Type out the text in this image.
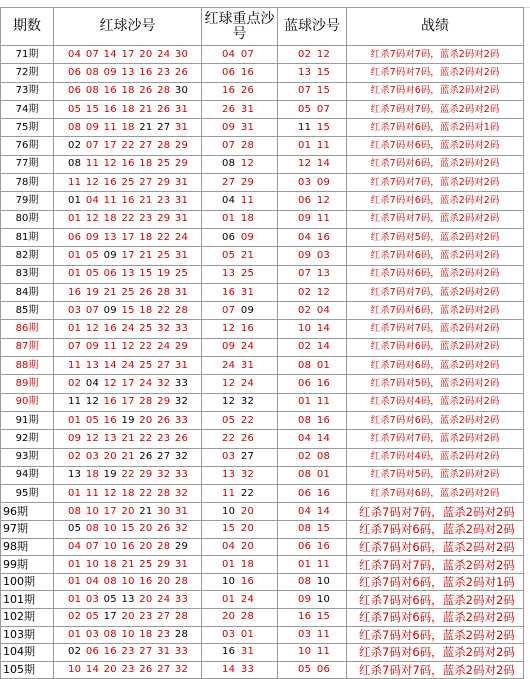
期数	红球沙号	红球重点沙号	蓝球沙号	战绩
71期	04 07 14 17 20 24 30	04 07	02 12	红杀7码对7码，蓝杀2码对2码
72期	06 08 09 13 16 23 26	06 16	13 15	红杀7码对7码，蓝杀2码对2码
73期	06 08 16 18 26 28 30	16 26	07 15	红杀7码对6码，蓝杀2码对2码
74期	05 15 16 18 21 26 31	26 31	05 07	红杀7码对7码，蓝杀2码对2码
75期	08 09 11 18 21 27 31	09 31	11 15	红杀7码对6码，蓝杀2码对1码
76期	02 07 17 22 27 28 29	07 28	01 11	红杀7码对6码，蓝杀2码对2码
77期	08 11 12 16 18 25 29	08 12	12 14	红杀7码对6码，蓝杀2码对2码
78期	11 12 16 25 27 29 31	27 29	03 09	红杀7码对7码，蓝杀2码对2码
79期	01 04 11 16 21 23 31	04 11	06 12	红杀7码对6码，蓝杀2码对2码
80期	01 12 18 22 23 29 31	01 18	09 11	红杀7码对7码，蓝杀2码对2码
81期	06 09 13 17 18 22 24	06 09	04 16	红杀7码对5码，蓝杀2码对2码
82期	01 05 09 17 21 25 31	05 21	09 03	红杀7码对6码，蓝杀2码对2码
83期	01 05 06 13 15 19 25	13 25	07 13	红杀7码对6码，蓝杀2码对2码
84期	16 19 21 25 26 28 31	16 31	02 12	红杀7码对7码，蓝杀2码对2码
85期	03 07 09 15 18 22 28	07 09	02 04	红杀7码对6码，蓝杀2码对2码
86期	01 12 16 24 25 32 33	12 16	10 14	红杀7码对7码，蓝杀2码对2码
87期	07 09 11 12 22 24 29	09 24	02 14	红杀7码对6码，蓝杀2码对2码
88期	11 13 14 24 25 27 31	24 31	08 01	红杀7码对6码，蓝杀2码对2码
89期	02 04 12 17 24 32 33	12 24	06 16	红杀7码对5码，蓝杀2码对2码
90期	11 12 16 17 28 29 32	12 32	01 11	红杀7码对4码，蓝杀2码对2码
91期	01 05 16 19 20 26 33	05 22	08 16	红杀7码对6码，蓝杀2码对2码
92期	09 12 13 21 22 23 26	22 26	04 14	红杀7码对7码，蓝杀2码对2码
93期	02 03 20 21 26 27 32	03 27	02 08	红杀7码对4码，蓝杀2码对2码
94期	13 18 19 22 29 32 33	13 32	08 01	红杀7码对5码，蓝杀2码对2码
95期	01 11 12 18 22 28 32	11 22	06 16	红杀7码对6码，蓝杀2码对2码
96期	08 10 17 20 21 30 31	10 20	04 14	红杀7码对7码，蓝杀2码对2码
97期	05 08 10 15 20 26 32	15 20	08 15	红杀7码对6码，蓝杀2码对2码
98期	04 07 10 16 20 28 29	04 20	06 16	红杀7码对6码，蓝杀2码对2码
99期	01 10 18 21 25 29 31	01 18	01 11	红杀7码对7码，蓝杀2码对2码
100期	01 04 08 10 16 20 28	10 16	08 10	红杀7码对6码，蓝杀2码对1码
101期	01 03 05 13 20 24 33	01 24	09 10	红杀7码对6码，蓝杀2码对2码
102期	02 05 17 20 23 27 28	20 28	16 15	红杀7码对6码，蓝杀2码对2码
103期	01 03 08 10 18 23 28	03 01	03 11	红杀7码对6码，蓝杀2码对2码
104期	02 06 16 23 27 31 33	16 31	10 11	红杀7码对6码，蓝杀2码对2码
105期	10 14 20 23 26 27 32	14 33	05 06	红杀7码对7码，蓝杀2码对2码
